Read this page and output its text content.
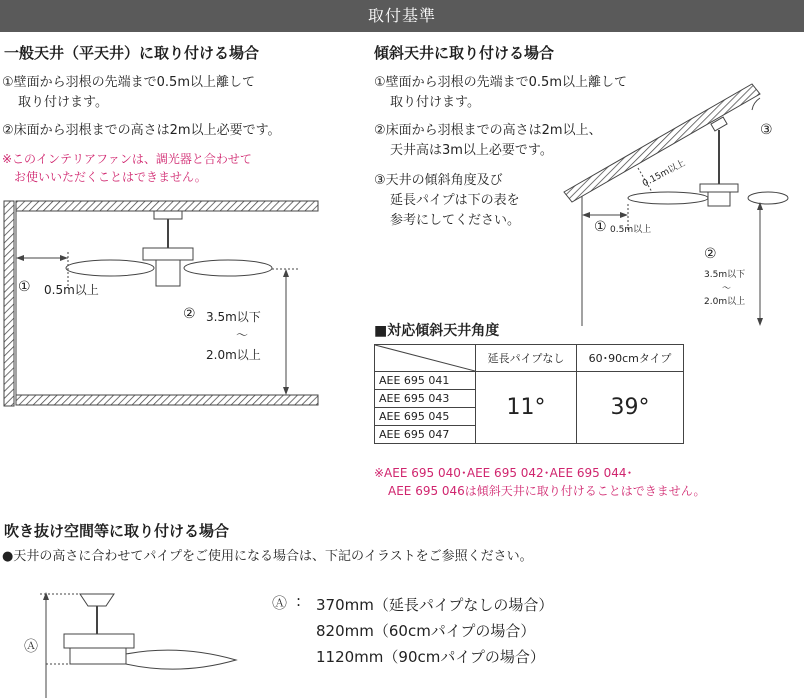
取付基準
一般天井（平天井）に取り付ける場合
①壁面から羽根の先端まで0.5m以上離して
取り付けます。
②床面から羽根までの高さは2m以上必要です。
※このインテリアファンは、調光器と合わせて
お使いいただくことはできません。
① 0.5m以上
② 3.5m以下
〜
2.0m以上
傾斜天井に取り付ける場合
①壁面から羽根の先端まで0.5m以上離して
取り付けます。
②床面から羽根までの高さは2m以上、
天井高は3m以上必要です。
③天井の傾斜角度及び
延長パイプは下の表を
参考にしてください。
③
0.15m以上
① 0.5m以上
②
3.5m以下
〜
2.0m以上
■対応傾斜天井角度
	延長パイプなし	60･90cmタイプ
AEE 695 041	11°	39°
AEE 695 043		
AEE 695 045		
AEE 695 047		
※AEE 695 040･AEE 695 042･AEE 695 044･
AEE 695 046は傾斜天井に取り付けることはできません。
吹き抜け空間等に取り付ける場合
●天井の高さに合わせてパイプをご使用になる場合は、下記のイラストをご参照ください。
Ⓐ
Ⓐ : 370mm（延長パイプなしの場合）
820mm（60cmパイプの場合）
1120mm（90cmパイプの場合）
